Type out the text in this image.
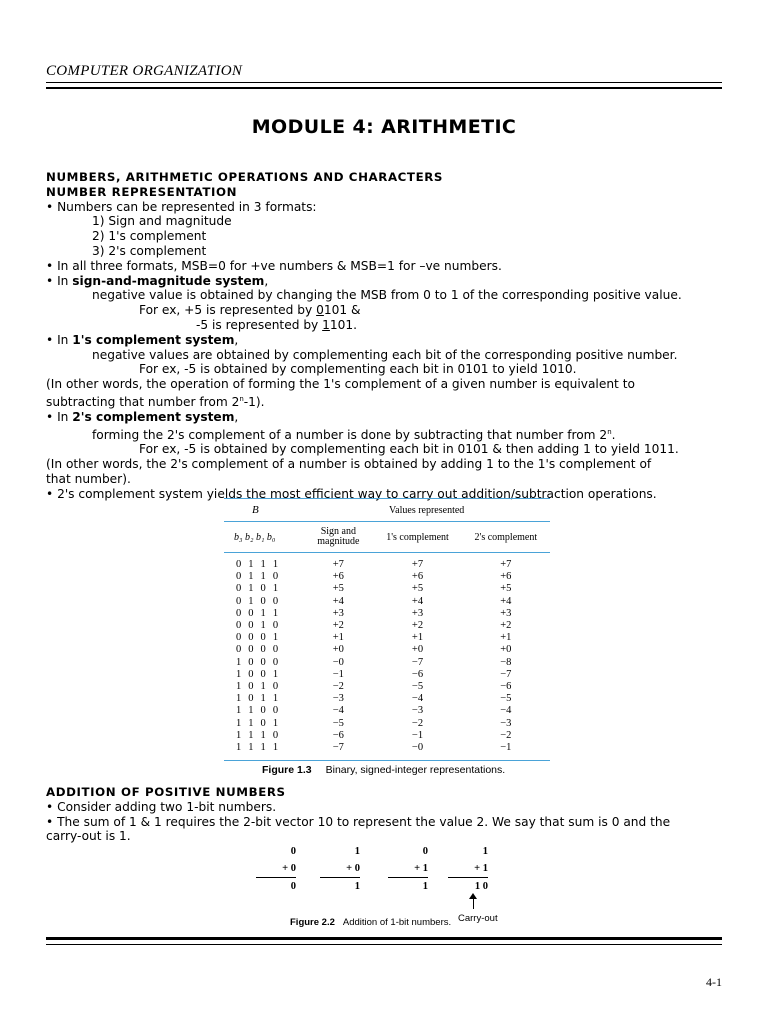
COMPUTER ORGANIZATION
MODULE 4: ARITHMETIC

NUMBERS, ARITHMETIC OPERATIONS AND CHARACTERS

NUMBER REPRESENTATION

• Numbers can be represented in 3 formats:

1) Sign and magnitude

2) 1's complement

3) 2's complement

• In all three formats, MSB=0 for +ve numbers & MSB=1 for –ve numbers.

• In sign-and-magnitude system,

negative value is obtained by changing the MSB from 0 to 1 of the corresponding positive value.

For ex, +5 is represented by 0101 &

-5 is represented by 1101.

• In 1's complement system,

negative values are obtained by complementing each bit of the corresponding positive number.

For ex, -5 is obtained by complementing each bit in 0101 to yield 1010.

(In other words, the operation of forming the 1's complement of a given number is equivalent to

subtracting that number from 2$^n$-1).

• In 2's complement system,

forming the 2's complement of a number is done by subtracting that number from 2$^n$.

For ex, -5 is obtained by complementing each bit in 0101 & then adding 1 to yield 1011.

(In other words, the 2's complement of a number is obtained by adding 1 to the 1's complement of

that number).

• 2's complement system yields the most efficient way to carry out addition/subtraction operations.

B	Values represented		
b₃ b₂ b₁ b₀	Sign and magnitude	1's complement	2's complement
0 1 1 1	+7	+7	+7
0 1 1 0	+6	+6	+6
0 1 0 1	+5	+5	+5
0 1 0 0	+4	+4	+4
0 0 1 1	+3	+3	+3
0 0 1 0	+2	+2	+2
0 0 0 1	+1	+1	+1
0 0 0 0	+0	+0	+0
1 0 0 0	−0	−7	−8
1 0 0 1	−1	−6	−7
1 0 1 0	−2	−5	−6
1 0 1 1	−3	−4	−5
1 1 0 0	−4	−3	−4
1 1 0 1	−5	−2	−3
1 1 1 0	−6	−1	−2
1 1 1 1	−7	−0	−1
Figure 1.3 Binary, signed-integer representations.

ADDITION OF POSITIVE NUMBERS

• Consider adding two 1-bit numbers.

• The sum of 1 & 1 requires the 2-bit vector 10 to represent the value 2. We say that sum is 0 and the

carry-out is 1.

Carry-out
Figure 2.2 Addition of 1-bit numbers.
0
+ 0
0
1
+ 0
1
0
+ 1
1
1
+ 1
1 0
4-1
